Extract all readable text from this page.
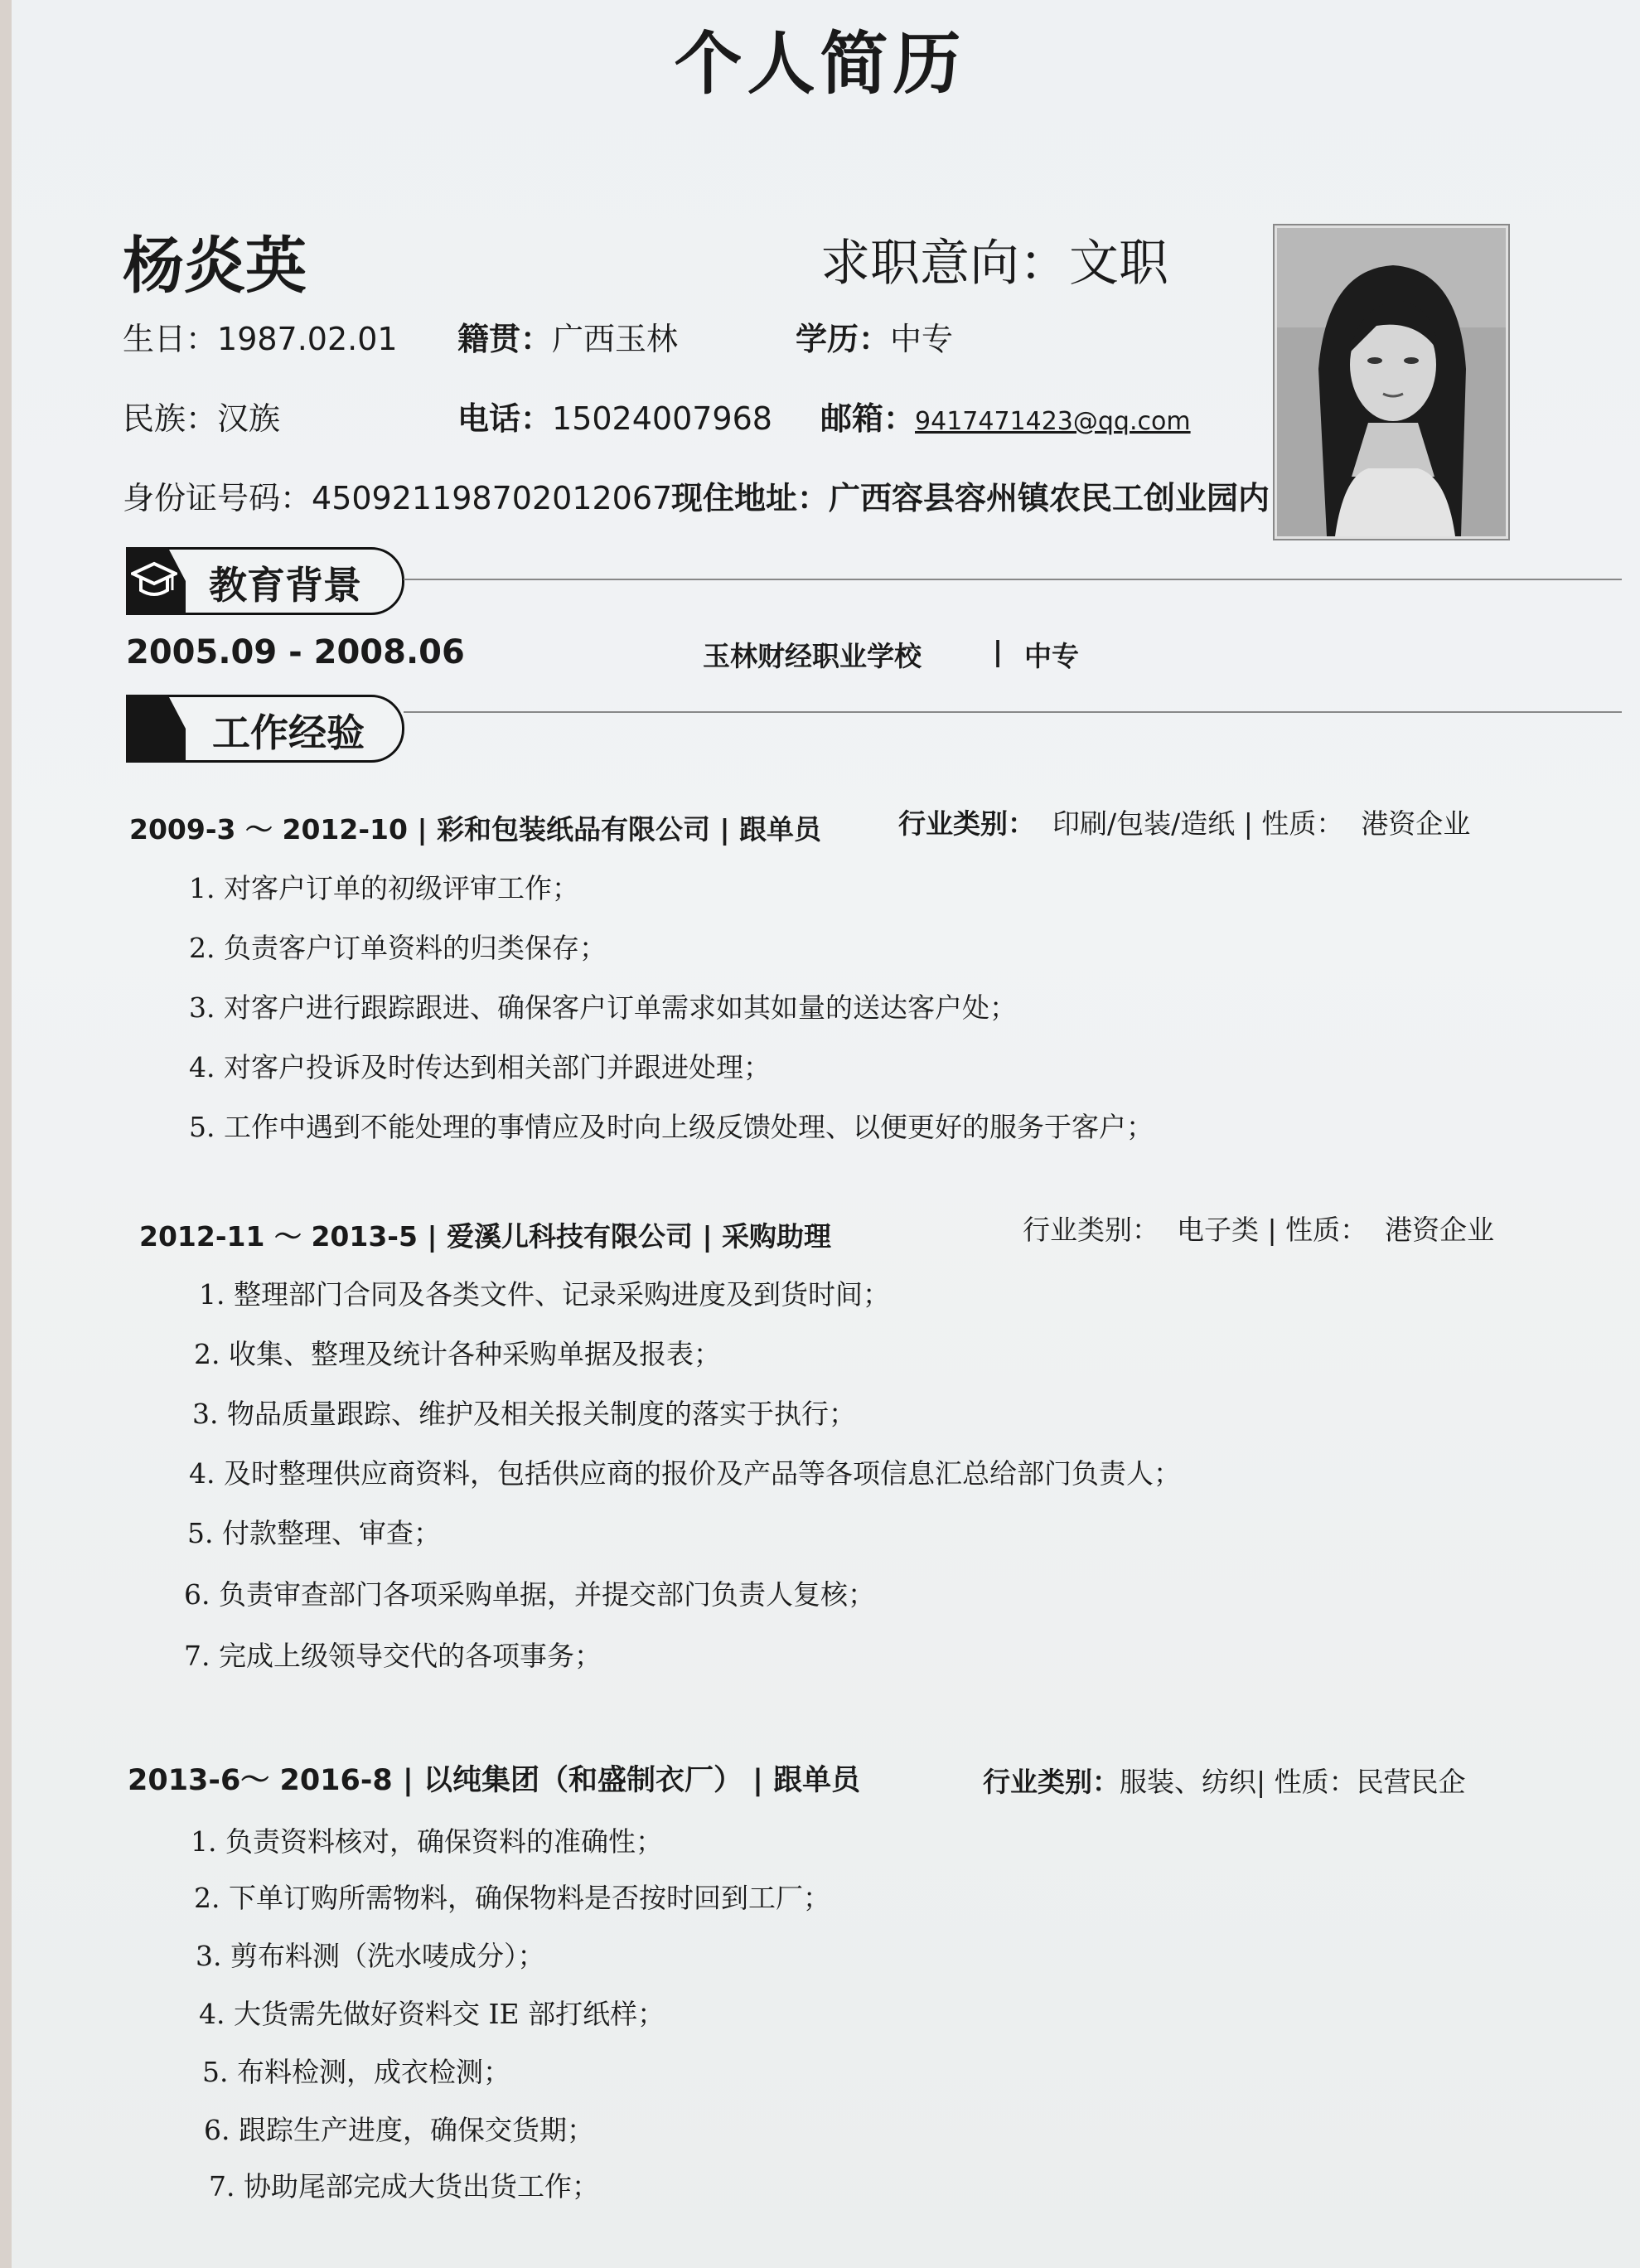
个人简历
杨炎英	求职意向：文职
生日：1987.02.01 籍贯：广西玉林	学历：中专
民族：汉族	电话：15024007968 邮箱：9417471423@qq.com
身份证号码：450921198702012067
现住地址：广西容县容州镇农民工创业园内
教育背景
2005.09 - 2008.06	玉林财经职业学校	| 中专
工作经验
2009-3 ～ 2012-10 | 彩和包装纸品有限公司 | 跟单员	行业类别： 印刷/包装/造纸 | 性质： 港资企业
1. 对客户订单的初级评审工作；
2. 负责客户订单资料的归类保存；
3. 对客户进行跟踪跟进、确保客户订单需求如其如量的送达客户处；
4. 对客户投诉及时传达到相关部门并跟进处理；
5. 工作中遇到不能处理的事情应及时向上级反馈处理、以便更好的服务于客户；
2012-11 ～ 2013-5 | 爱溪儿科技有限公司 | 采购助理	行业类别： 电子类 | 性质： 港资企业
1. 整理部门合同及各类文件、记录采购进度及到货时间；
2. 收集、整理及统计各种采购单据及报表；
3. 物品质量跟踪、维护及相关报关制度的落实于执行；
4. 及时整理供应商资料，包括供应商的报价及产品等各项信息汇总给部门负责人；
5. 付款整理、审查；
6. 负责审查部门各项采购单据，并提交部门负责人复核；
7. 完成上级领导交代的各项事务；
2013-6～ 2016-8 | 以纯集团（和盛制衣厂） | 跟单员	行业类别：服装、纺织| 性质：民营民企
1. 负责资料核对，确保资料的准确性；
2. 下单订购所需物料，确保物料是否按时回到工厂；
3. 剪布料测（洗水唛成分）；
4. 大货需先做好资料交 IE 部打纸样；
5. 布料检测，成衣检测；
6. 跟踪生产进度，确保交货期；
7. 协助尾部完成大货出货工作；
